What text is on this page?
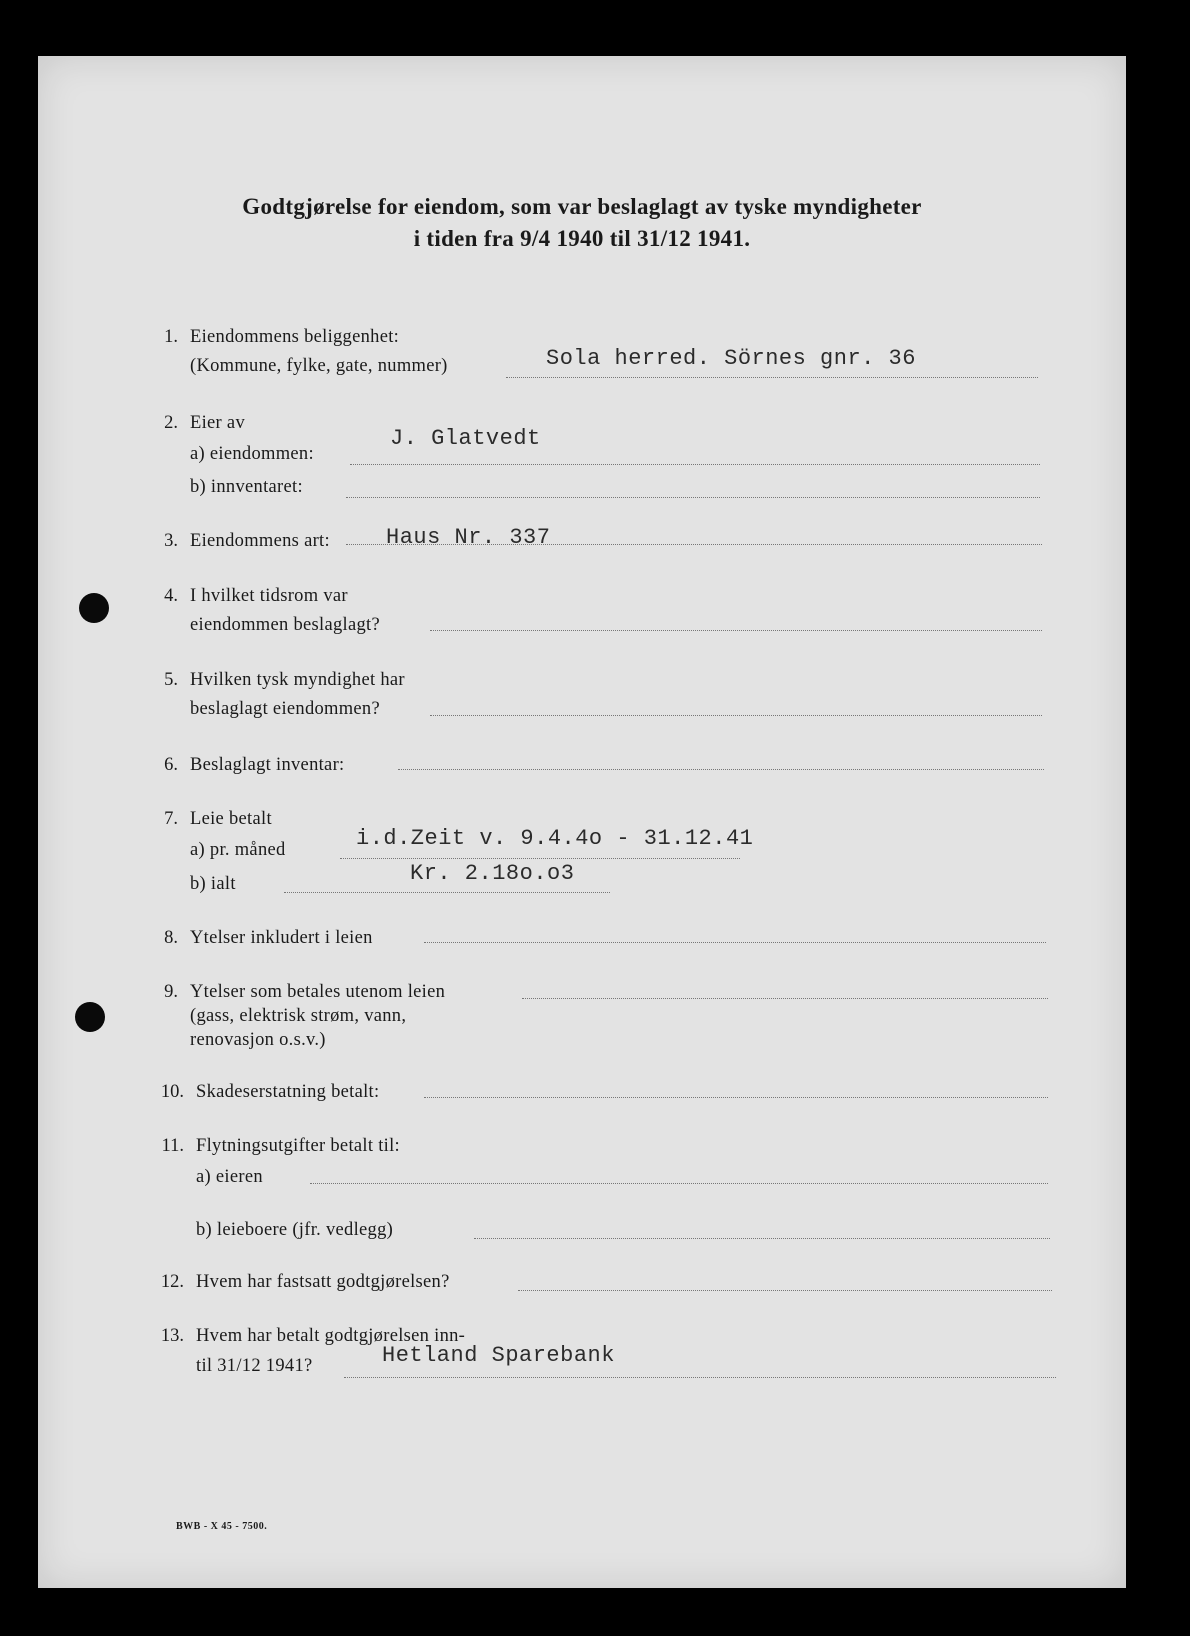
Godtgjørelse for eiendom, som var beslaglagt av tyske myndigheter
i tiden fra 9/4 1940 til 31/12 1941.
1. Eiendommens beliggenhet:
(Kommune, fylke, gate, nummer)	Sola herred. Sörnes gnr. 36
2. Eier av
a) eiendommen:
J. Glatvedt
b) innventaret:
3. Eiendommens art:	Haus Nr. 337
4. I hvilket tidsrom var
eiendommen beslaglagt?
5. Hvilken tysk myndighet har
beslaglagt eiendommen?
6. Beslaglagt inventar:
7. Leie betalt
a) pr. måned	i.d.Zeit v. 9.4.4o - 31.12.41
b) ialt	Kr. 2.18o.o3
8. Ytelser inkludert i leien
9. Ytelser som betales utenom leien
(gass, elektrisk strøm, vann,
renovasjon o.s.v.)
10. Skadeserstatning betalt:
11. Flytningsutgifter betalt til:
a) eieren
b) leieboere (jfr. vedlegg)
12. Hvem har fastsatt godtgjørelsen?
13. Hvem har betalt godtgjørelsen inn-
til 31/12 1941?	Hetland Sparebank
BWB - X 45 - 7500.
